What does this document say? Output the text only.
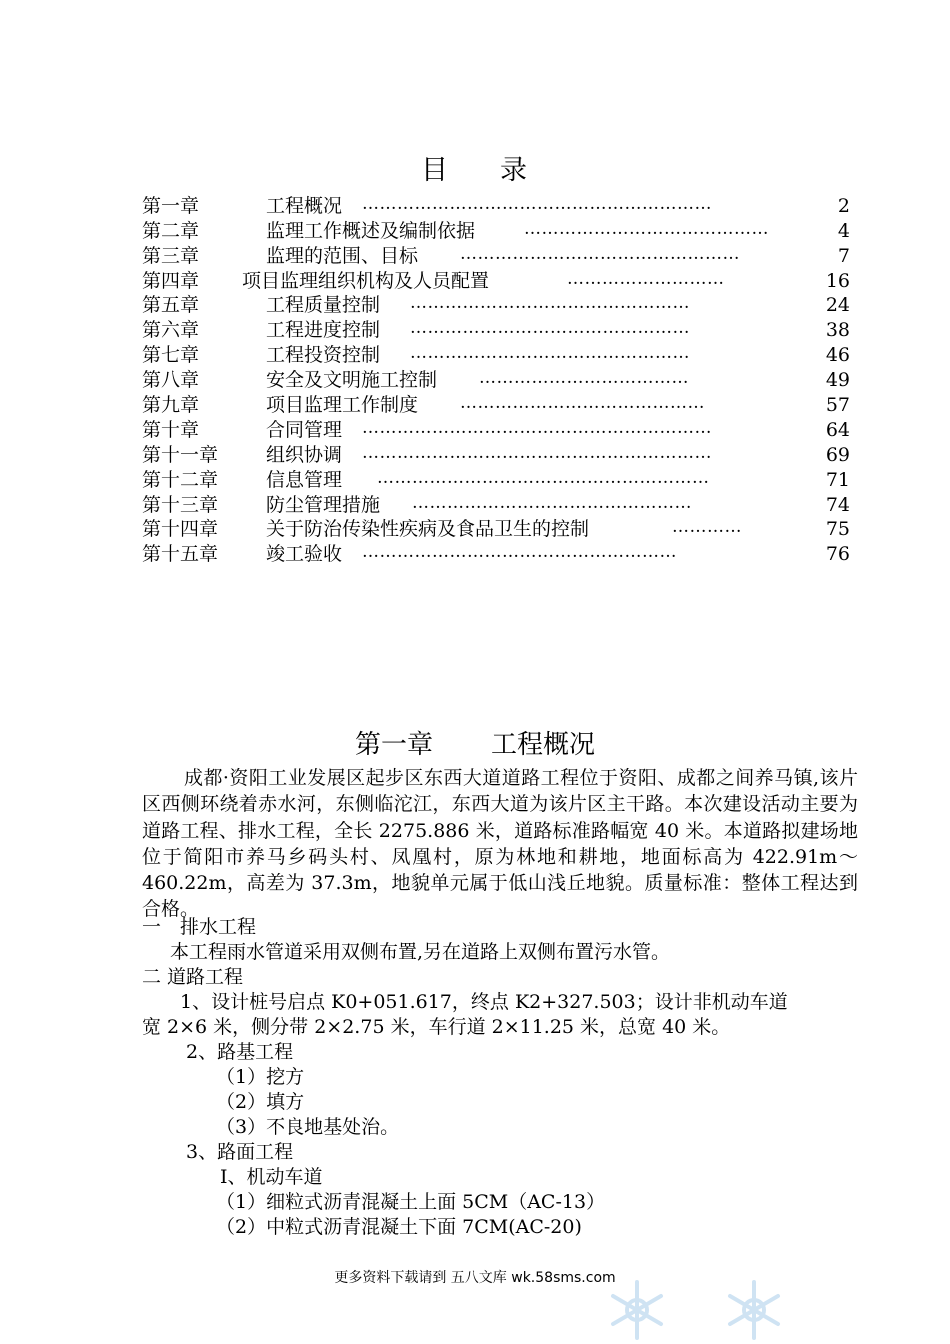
目 录
第一章	工程概况 ……………………………………………………	2
第二章	监理工作概述及编制依据	……………………………………	4
第三章	监理的范围、目标 …………………………………………	7
第四章 项目监理组织机构及人员配置	………………………	16
第五章	工程质量控制 …………………………………………	24
第六章	工程进度控制 …………………………………………	38
第七章	工程投资控制 …………………………………………	46
第八章	安全及文明施工控制 ………………………………	49
第九章	项目监理工作制度 ……………………………………	57
第十章	合同管理 ……………………………………………………	64
第十一章	组织协调 ……………………………………………………	69
第十二章	信息管理 …………………………………………………	71
第十三章	防尘管理措施 …………………………………………	74
第十四章	关于防治传染性疾病及食品卫生的控制	…………	75
第十五章	竣工验收 ………………………………………………	76
第一章 工程概况

成都·资阳工业发展区起步区东西大道道路工程位于资阳、成都之间养马镇,该片区西侧环绕着赤水河，东侧临沱江，东西大道为该片区主干路。本次建设活动主要为道路工程、排水工程，全长 2275.886 米，道路标准路幅宽 40 米。本道路拟建场地位于简阳市养马乡码头村、凤凰村，原为林地和耕地，地面标高为 422.91m～460.22m，高差为 37.3m，地貌单元属于低山浅丘地貌。质量标准：整体工程达到合格。

一　排水工程
本工程雨水管道采用双侧布置,另在道路上双侧布置污水管。
二 道路工程
1、设计桩号启点 K0+051.617，终点 K2+327.503；设计非机动车道
宽 2×6 米，侧分带 2×2.75 米，车行道 2×11.25 米，总宽 40 米。
2、路基工程
（1）挖方
（2）填方
（3）不良地基处治。
3、路面工程
Ⅰ、机动车道
（1）细粒式沥青混凝土上面 5CM（AC-13）
（2）中粒式沥青混凝土下面 7CM(AC-20)
更多资料下载请到 五八文库 wk.58sms.com
